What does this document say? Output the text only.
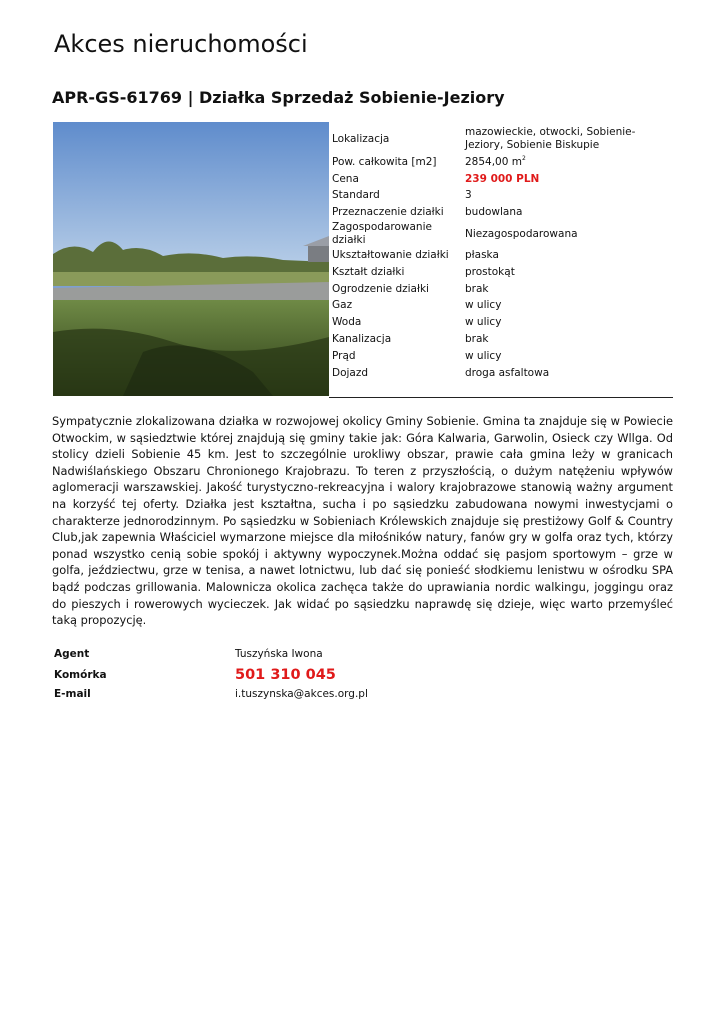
Akces nieruchomości
APR-GS-61769 | Działka Sprzedaż Sobienie-Jeziory
Lokalizacja	mazowieckie, otwocki, Sobienie-Jeziory, Sobienie Biskupie
Pow. całkowita [m2]	2854,00 $m^2$
Cena	239 000 PLN
Standard	3
Przeznaczenie działki	budowlana
Zagospodarowanie działki	Niezagospodarowana
Ukształtowanie działki	płaska
Kształt działki	prostokąt
Ogrodzenie działki	brak
Gaz	w ulicy
Woda	w ulicy
Kanalizacja	brak
Prąd	w ulicy
Dojazd	droga asfaltowa
Sympatycznie zlokalizowana działka w rozwojowej okolicy Gminy Sobienie. Gmina ta znajduje się w Powiecie Otwockim, w sąsiedztwie której znajdują się gminy takie jak: Góra Kalwaria, Garwolin, Osieck czy Wllga. Od stolicy dzieli Sobienie 45 km. Jest to szczególnie urokliwy obszar, prawie cała gmina leży w granicach Nadwiślańskiego Obszaru Chronionego Krajobrazu. To teren z przyszłością, o dużym natężeniu wpływów aglomeracji warszawskiej. Jakość turystyczno-rekreacyjna i walory krajobrazowe stanowią ważny argument na korzyść tej oferty. Działka jest kształtna, sucha i po sąsiedzku zabudowana nowymi inwestycjami o charakterze jednorodzinnym. Po sąsiedzku w Sobieniach Królewskich znajduje się prestiżowy Golf & Country Club,jak zapewnia Właściciel wymarzone miejsce dla miłośników natury, fanów gry w golfa oraz tych, którzy ponad wszystko cenią sobie spokój i aktywny wypoczynek.Można oddać się pasjom sportowym – grze w golfa, jeździectwu, grze w tenisa, a nawet lotnictwu, lub dać się ponieść słodkiemu lenistwu w ośrodku SPA bądź podczas grillowania. Malownicza okolica zachęca także do uprawiania nordic walkingu, joggingu oraz do pieszych i rowerowych wycieczek. Jak widać po sąsiedzku naprawdę się dzieje, więc warto przemyśleć taką propozycję.
Agent	Tuszyńska Iwona
Komórka	501 310 045
E-mail	i.tuszynska@akces.org.pl
